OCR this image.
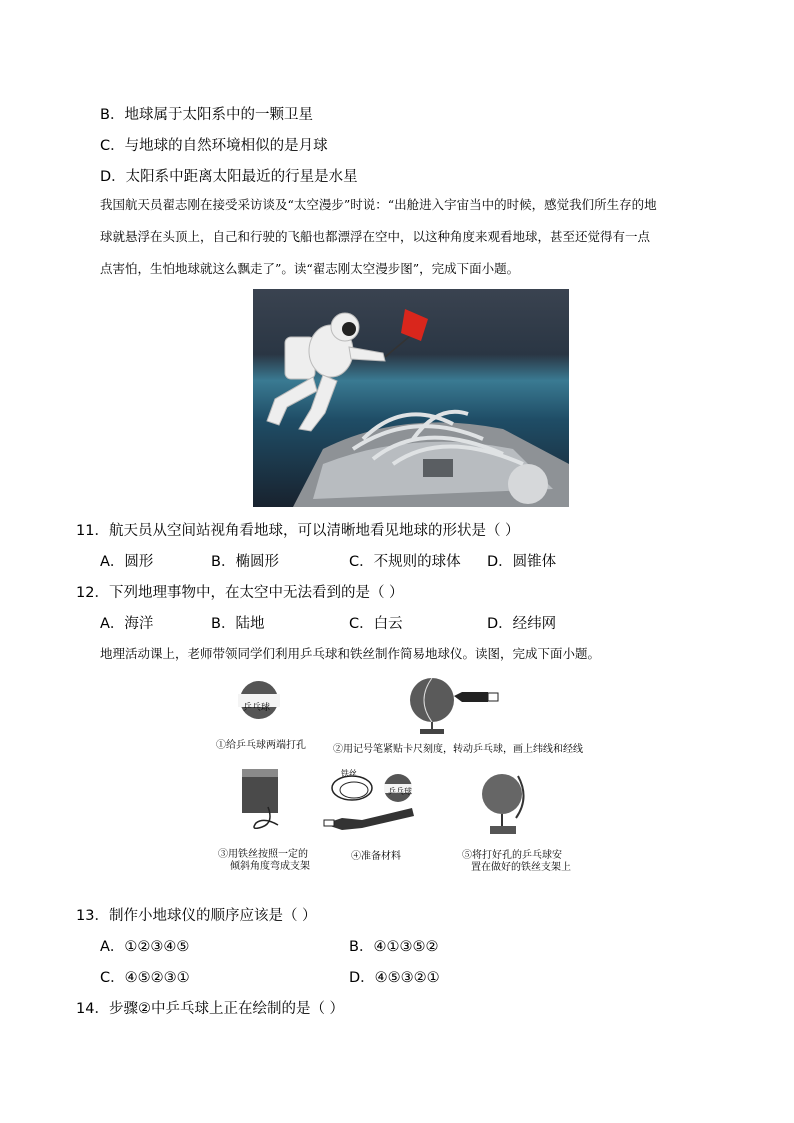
B．地球属于太阳系中的一颗卫星
C．与地球的自然环境相似的是月球
D．太阳系中距离太阳最近的行星是水星
我国航天员翟志刚在接受采访谈及“太空漫步”时说：“出舱进入宇宙当中的时候，感觉我们所生存的地
球就悬浮在头顶上，自己和行驶的飞船也都漂浮在空中，以这种角度来观看地球，甚至还觉得有一点
点害怕，生怕地球就这么飘走了”。读“翟志刚太空漫步图”，完成下面小题。
11．航天员从空间站视角看地球，可以清晰地看见地球的形状是（ ）
A．圆形	B．椭圆形	C．不规则的球体 D．圆锥体
12．下列地理事物中，在太空中无法看到的是（ ）
A．海洋	B．陆地	C．白云	D．经纬网
地理活动课上，老师带领同学们利用乒乓球和铁丝制作简易地球仪。读图，完成下面小题。
乒乓球
①给乒乓球两端打孔	②用记号笔紧贴卡尺刻度，转动乒乓球，画上纬线和经线
③用铁丝按照一定的
倾斜角度弯成支架
铁丝
乒乓球
④准备材料	⑤将打好孔的乒乓球安
置在做好的铁丝支架上
13．制作小地球仪的顺序应该是（ ）
A．①②③④⑤	B．④①③⑤②
C．④⑤②③①	D．④⑤③②①
14．步骤②中乒乓球上正在绘制的是（ ）
